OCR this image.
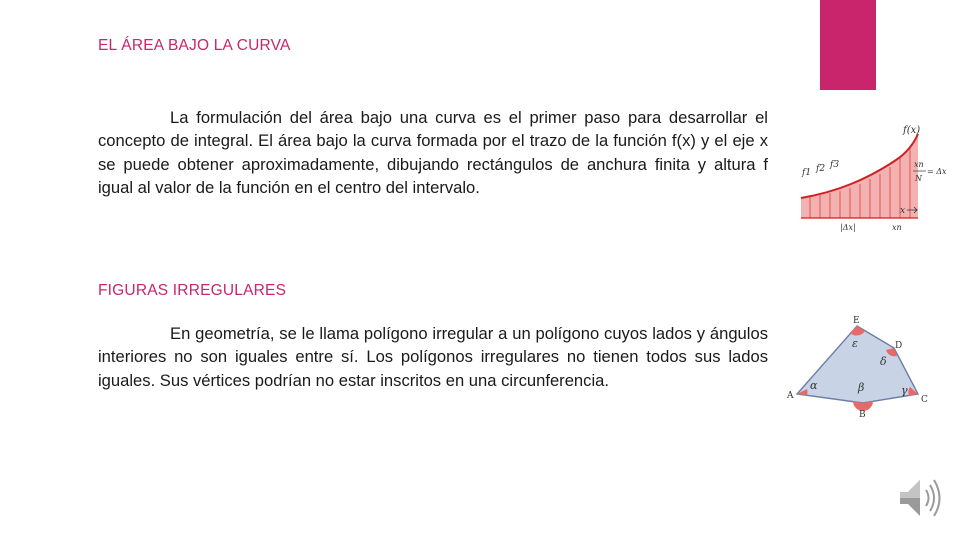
EL ÁREA BAJO LA CURVA
La formulación del área bajo una curva es el primer paso para desarrollar el concepto de integral. El área bajo la curva formada por el trazo de la función f(x) y el eje x se puede obtener aproximadamente, dibujando rectángulos de anchura finita y altura f igual al valor de la función en el centro del intervalo.
FIGURAS IRREGULARES
En geometría, se le llama polígono irregular a un polígono cuyos lados y ángulos interiores no son iguales entre sí. Los polígonos irregulares no tienen todos sus lados iguales. Sus vértices podrían no estar inscritos en una circunferencia.
f(x)
f1 f2 f3	xn
N
= Δx
x
|Δx|	xn
E
D
A	C
B
ε
δ
α	β	γ
